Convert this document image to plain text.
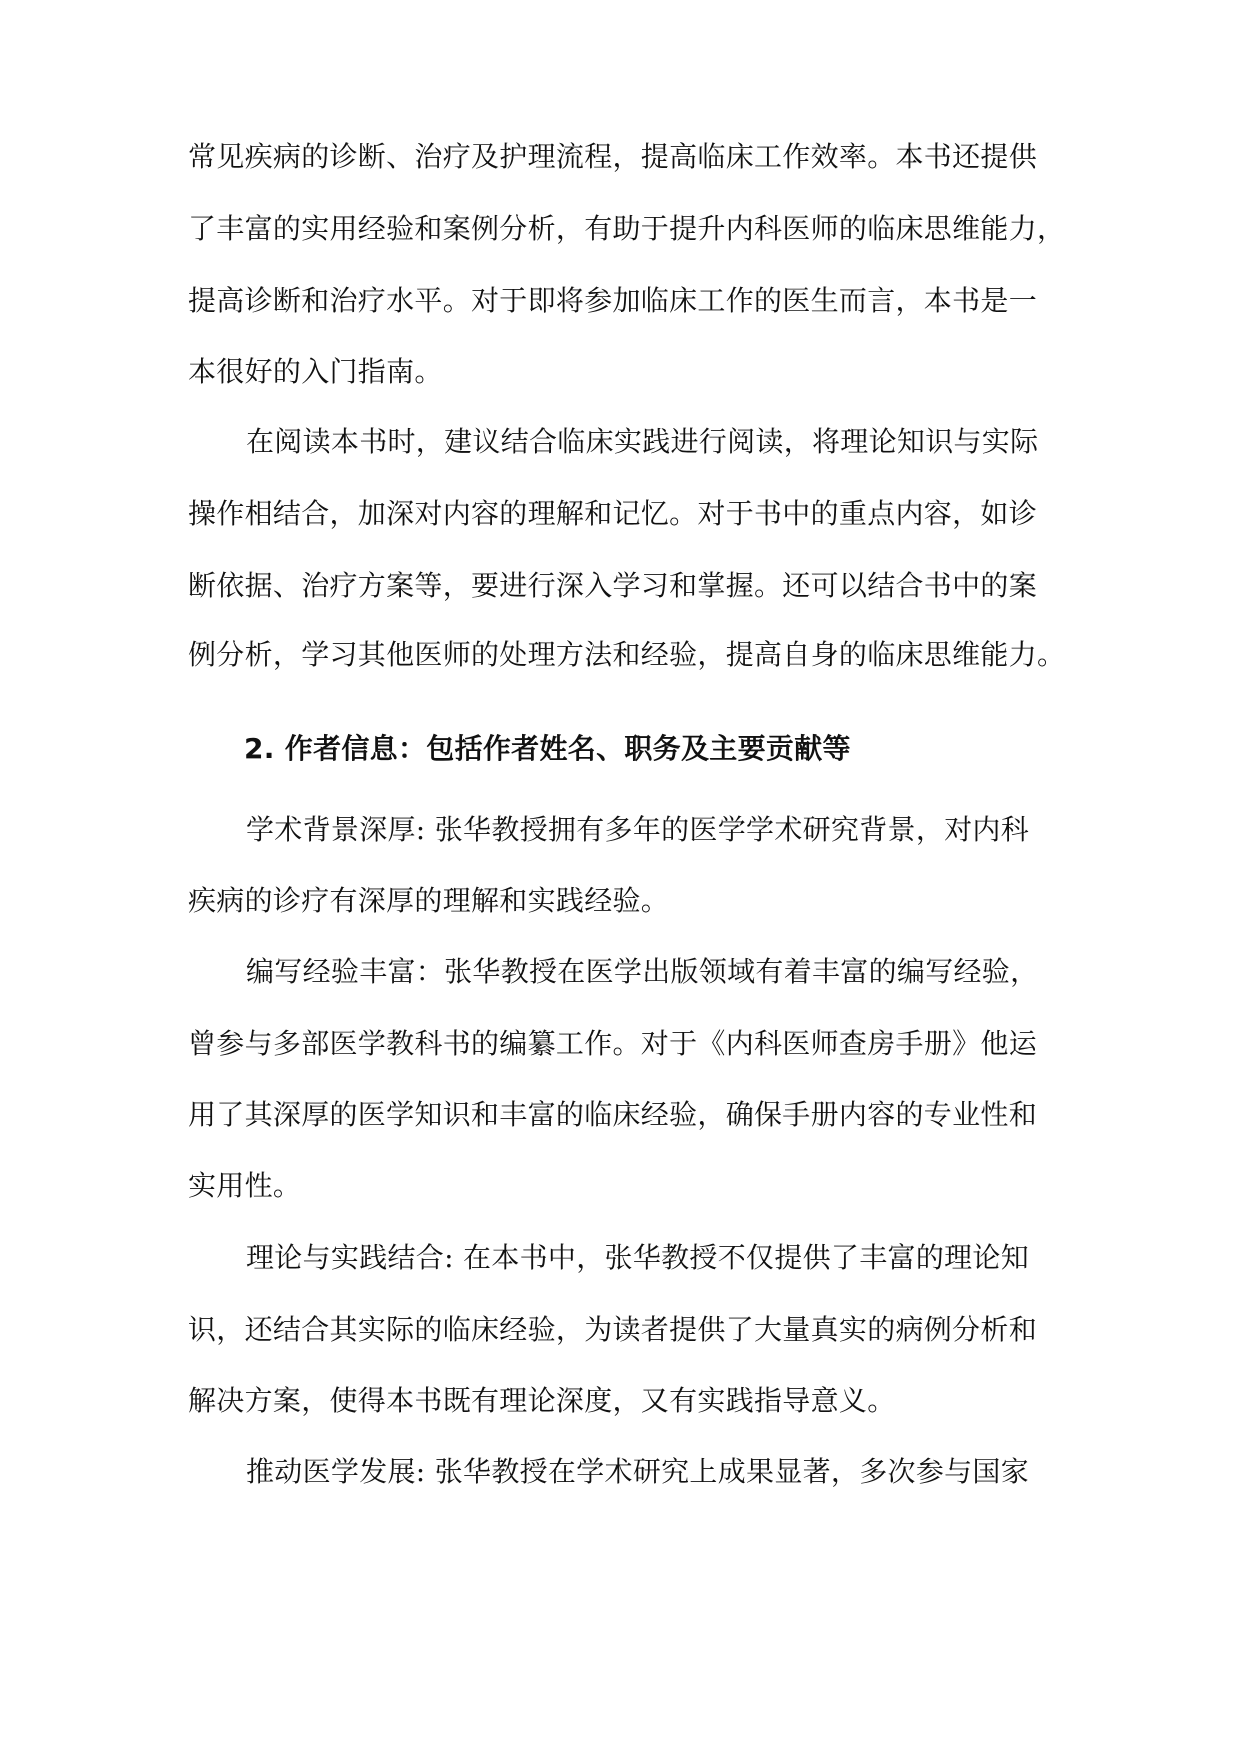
常见疾病的诊断、治疗及护理流程，提高临床工作效率。本书还提供
了丰富的实用经验和案例分析，有助于提升内科医师的临床思维能力，
提高诊断和治疗水平。对于即将参加临床工作的医生而言，本书是一
本很好的入门指南。
在阅读本书时，建议结合临床实践进行阅读，将理论知识与实际
操作相结合，加深对内容的理解和记忆。对于书中的重点内容，如诊
断依据、治疗方案等，要进行深入学习和掌握。还可以结合书中的案
例分析，学习其他医师的处理方法和经验，提高自身的临床思维能力。
2. 作者信息：包括作者姓名、职务及主要贡献等
学术背景深厚: 张华教授拥有多年的医学学术研究背景，对内科
疾病的诊疗有深厚的理解和实践经验。
编写经验丰富：张华教授在医学出版领域有着丰富的编写经验，
曾参与多部医学教科书的编纂工作。对于《内科医师查房手册》他运
用了其深厚的医学知识和丰富的临床经验，确保手册内容的专业性和
实用性。
理论与实践结合: 在本书中，张华教授不仅提供了丰富的理论知
识，还结合其实际的临床经验，为读者提供了大量真实的病例分析和
解决方案，使得本书既有理论深度，又有实践指导意义。
推动医学发展: 张华教授在学术研究上成果显著，多次参与国家
